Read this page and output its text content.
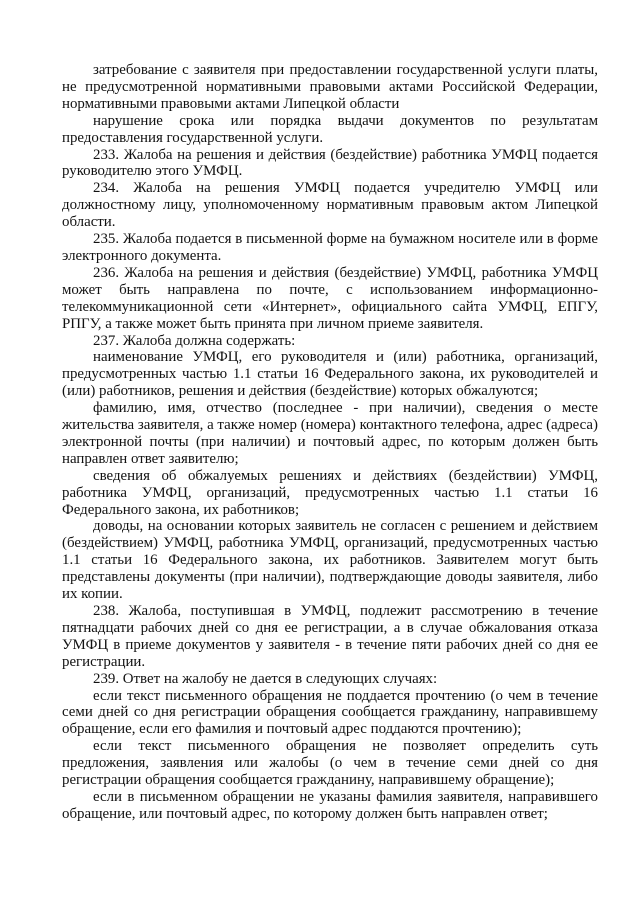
затребование с заявителя при предоставлении государственной услуги платы, не предусмотренной нормативными правовыми актами Российской Федерации, нормативными правовыми актами Липецкой области

нарушение срока или порядка выдачи документов по результатам предоставления государственной услуги.

233. Жалоба на решения и действия (бездействие) работника УМФЦ подается руководителю этого УМФЦ.

234. Жалоба на решения УМФЦ подается учредителю УМФЦ или должностному лицу, уполномоченному нормативным правовым актом Липецкой области.

235. Жалоба подается в письменной форме на бумажном носителе или в форме электронного документа.

236. Жалоба на решения и действия (бездействие) УМФЦ, работника УМФЦ может быть направлена по почте, с использованием информационно-телекоммуникационной сети «Интернет», официального сайта УМФЦ, ЕПГУ, РПГУ, а также может быть принята при личном приеме заявителя.

237. Жалоба должна содержать:

наименование УМФЦ, его руководителя и (или) работника, организаций, предусмотренных частью 1.1 статьи 16 Федерального закона, их руководителей и (или) работников, решения и действия (бездействие) которых обжалуются;

фамилию, имя, отчество (последнее - при наличии), сведения о месте жительства заявителя, а также номер (номера) контактного телефона, адрес (адреса) электронной почты (при наличии) и почтовый адрес, по которым должен быть направлен ответ заявителю;

сведения об обжалуемых решениях и действиях (бездействии) УМФЦ, работника УМФЦ, организаций, предусмотренных частью 1.1 статьи 16 Федерального закона, их работников;

доводы, на основании которых заявитель не согласен с решением и действием (бездействием) УМФЦ, работника УМФЦ, организаций, предусмотренных частью 1.1 статьи 16 Федерального закона, их работников. Заявителем могут быть представлены документы (при наличии), подтверждающие доводы заявителя, либо их копии.

238. Жалоба, поступившая в УМФЦ, подлежит рассмотрению в течение пятнадцати рабочих дней со дня ее регистрации, а в случае обжалования отказа УМФЦ в приеме документов у заявителя - в течение пяти рабочих дней со дня ее регистрации.

239. Ответ на жалобу не дается в следующих случаях:

если текст письменного обращения не поддается прочтению (о чем в течение семи дней со дня регистрации обращения сообщается гражданину, направившему обращение, если его фамилия и почтовый адрес поддаются прочтению);

если текст письменного обращения не позволяет определить суть предложения, заявления или жалобы (о чем в течение семи дней со дня регистрации обращения сообщается гражданину, направившему обращение);

если в письменном обращении не указаны фамилия заявителя, направившего обращение, или почтовый адрес, по которому должен быть направлен ответ;
